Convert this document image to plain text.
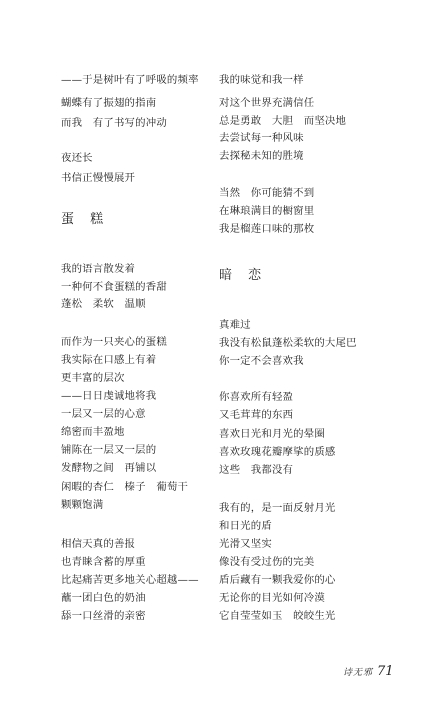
——于是树叶有了呼吸的频率
蝴蝶有了振翅的指南
而我　有了书写的冲动
夜还长
书信正慢慢展开
蛋 糕
我的语言散发着
一种何不食蛋糕的香甜
蓬松　柔软　温顺
而作为一只夹心的蛋糕
我实际在口感上有着
更丰富的层次
——日日虔诚地将我
一层又一层的心意
绵密而丰盈地
铺陈在一层又一层的
发酵物之间　再铺以
闲暇的杏仁　榛子　葡萄干
颗颗饱满
相信天真的善报
也青睐含蓄的厚重
比起痛苦更多地关心超越——
蘸一团白色的奶油
舔一口丝滑的亲密
我的味觉和我一样
对这个世界充满信任
总是勇敢　大胆　而坚决地
去尝试每一种风味
去探秘未知的胜境
当然　你可能猜不到
在琳琅满目的橱窗里
我是榴莲口味的那枚
暗 恋
真难过
我没有松鼠蓬松柔软的大尾巴
你一定不会喜欢我
你喜欢所有轻盈
又毛茸茸的东西
喜欢日光和月光的晕圈
喜欢玫瑰花瓣摩挲的质感
这些　我都没有
我有的，是一面反射月光
和日光的盾
光滑又坚实
像没有受过伤的完美
盾后藏有一颗我爱你的心
无论你的目光如何冷漠
它自莹莹如玉　皎皎生光
诗无邪 71
